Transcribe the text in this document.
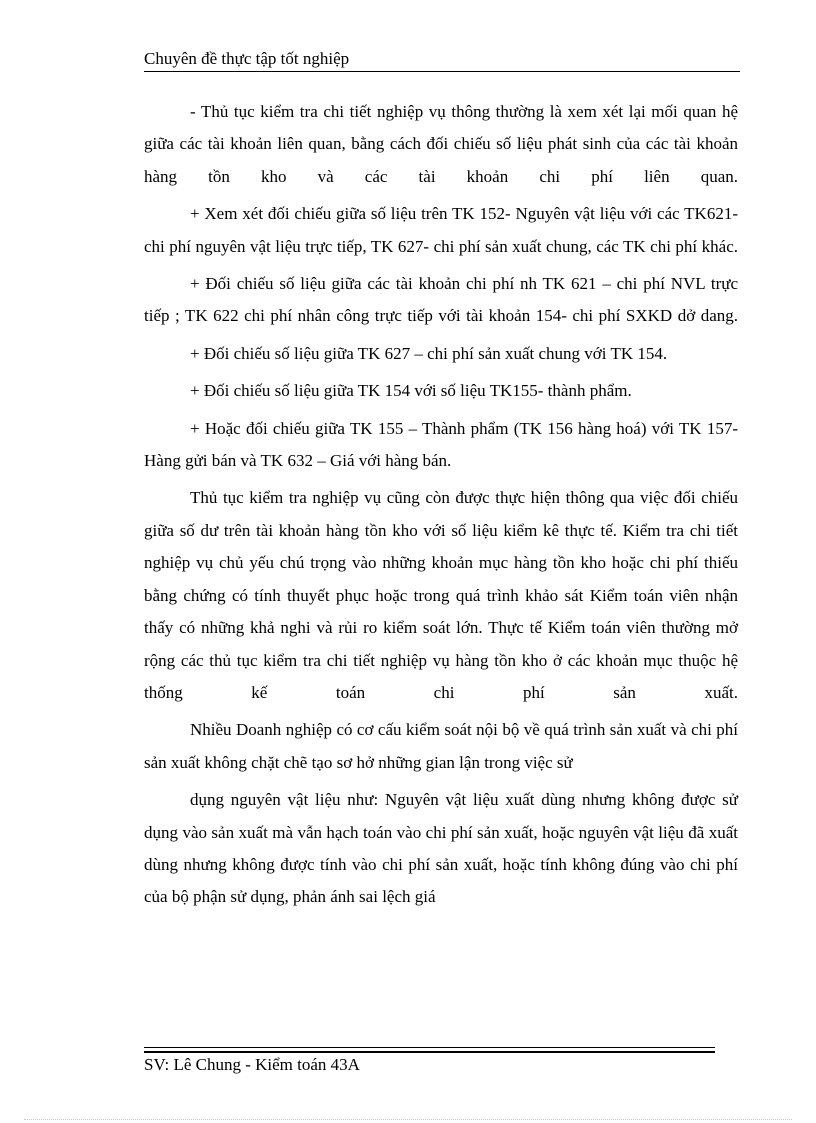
Chuyên đề thực tập tốt nghiệp

- Thủ tục kiểm tra chi tiết nghiệp vụ thông thường là xem xét lại mối quan hệ giữa các tài khoản liên quan, bằng cách đối chiếu số liệu phát sinh của các tài khoản hàng tồn kho và các tài khoản chi phí liên quan.

+ Xem xét đối chiếu giữa số liệu trên TK 152- Nguyên vật liệu với các TK621- chi phí nguyên vật liệu trực tiếp, TK 627- chi phí sản xuất chung, các TK chi phí khác.

+ Đối chiếu số liệu giữa các tài khoản chi phí nh TK 621 – chi phí NVL trực tiếp ; TK 622 chi phí nhân công trực tiếp với tài khoản 154- chi phí SXKD dở dang.

+ Đối chiếu số liệu giữa TK 627 – chi phí sản xuất chung với TK 154.

+ Đối chiếu số liệu giữa TK 154 với số liệu TK155- thành phẩm.

+ Hoặc đối chiếu giữa TK 155 – Thành phẩm (TK 156 hàng hoá) với TK 157- Hàng gửi bán và TK 632 – Giá với hàng bán.

Thủ tục kiểm tra nghiệp vụ cũng còn được thực hiện thông qua việc đối chiếu giữa số dư trên tài khoản hàng tồn kho với số liệu kiểm kê thực tế. Kiểm tra chi tiết nghiệp vụ chủ yếu chú trọng vào những khoản mục hàng tồn kho hoặc chi phí thiếu bằng chứng có tính thuyết phục hoặc trong quá trình khảo sát Kiểm toán viên nhận thấy có những khả nghi và rủi ro kiểm soát lớn. Thực tế Kiểm toán viên thường mở rộng các thủ tục kiểm tra chi tiết nghiệp vụ hàng tồn kho ở các khoản mục thuộc hệ thống kế toán chi phí sản xuất.

Nhiều Doanh nghiệp có cơ cấu kiểm soát nội bộ về quá trình sản xuất và chi phí sản xuất không chặt chẽ tạo sơ hở những gian lận trong việc sử

dụng nguyên vật liệu như: Nguyên vật liệu xuất dùng nhưng không được sử dụng vào sản xuất mà vẫn hạch toán vào chi phí sản xuất, hoặc nguyên vật liệu đã xuất dùng nhưng không được tính vào chi phí sản xuất, hoặc tính không đúng vào chi phí của bộ phận sử dụng, phản ánh sai lệch giá

SV: Lê Chung - Kiểm toán 43A
